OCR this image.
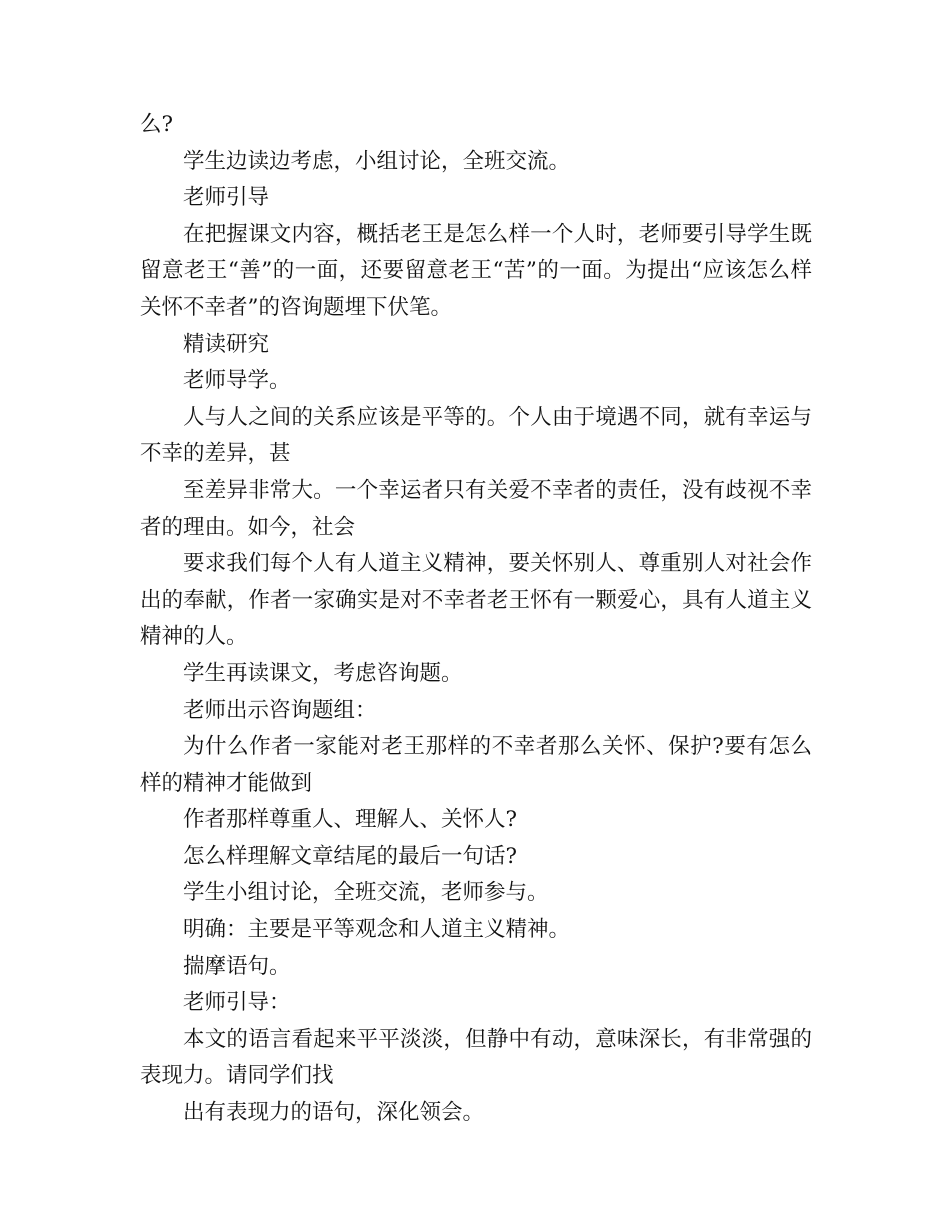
么?

学生边读边考虑，小组讨论，全班交流。

老师引导

在把握课文内容，概括老王是怎么样一个人时，老师要引导学生既留意老王“善”的一面，还要留意老王“苦”的一面。为提出“应该怎么样关怀不幸者”的咨询题埋下伏笔。

精读研究

老师导学。

人与人之间的关系应该是平等的。个人由于境遇不同，就有幸运与不幸的差异，甚

至差异非常大。一个幸运者只有关爱不幸者的责任，没有歧视不幸者的理由。如今，社会

要求我们每个人有人道主义精神，要关怀别人、尊重别人对社会作出的奉献，作者一家确实是对不幸者老王怀有一颗爱心，具有人道主义精神的人。

学生再读课文，考虑咨询题。

老师出示咨询题组：

为什么作者一家能对老王那样的不幸者那么关怀、保护?要有怎么样的精神才能做到

作者那样尊重人、理解人、关怀人?

怎么样理解文章结尾的最后一句话?

学生小组讨论，全班交流，老师参与。

明确：主要是平等观念和人道主义精神。

揣摩语句。

老师引导：

本文的语言看起来平平淡淡，但静中有动，意味深长，有非常强的表现力。请同学们找

出有表现力的语句，深化领会。
